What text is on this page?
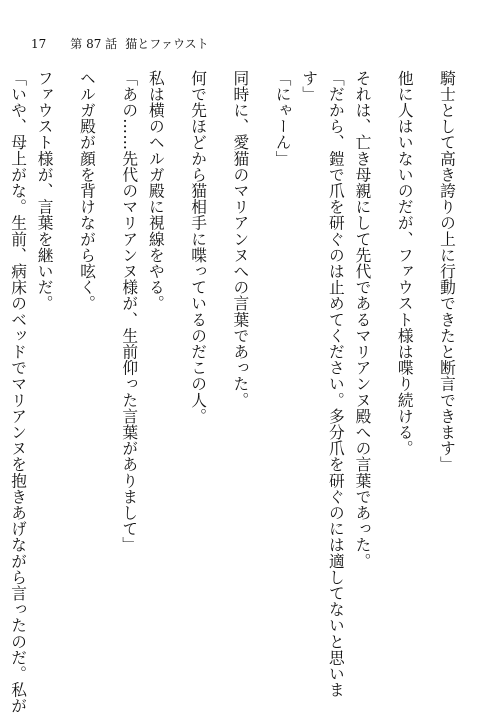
17 第 87 話 猫とファウスト
騎士として高き誇りの上に行動できたと断言できます」
他に人はいないのだが、ファウスト様は喋り続ける。
それは、亡き母親にして先代であるマリアンヌ殿への言葉であった。
「だから、鎧で爪を研ぐのは止めてください。多分爪を研ぐのには適してないと思いま
す」
「にゃーん」
同時に、愛猫のマリアンヌへの言葉であった。
何で先ほどから猫相手に喋っているのだこの人。
私は横のヘルガ殿に視線をやる。
「あの……先代のマリアンヌ様が、生前仰った言葉がありまして」
ヘルガ殿が顔を背けながら呟く。
ファウスト様が、言葉を継いだ。
「いや、母上がな。生前、病床のベッドでマリアンヌを抱きあげながら言ったのだ。私が
